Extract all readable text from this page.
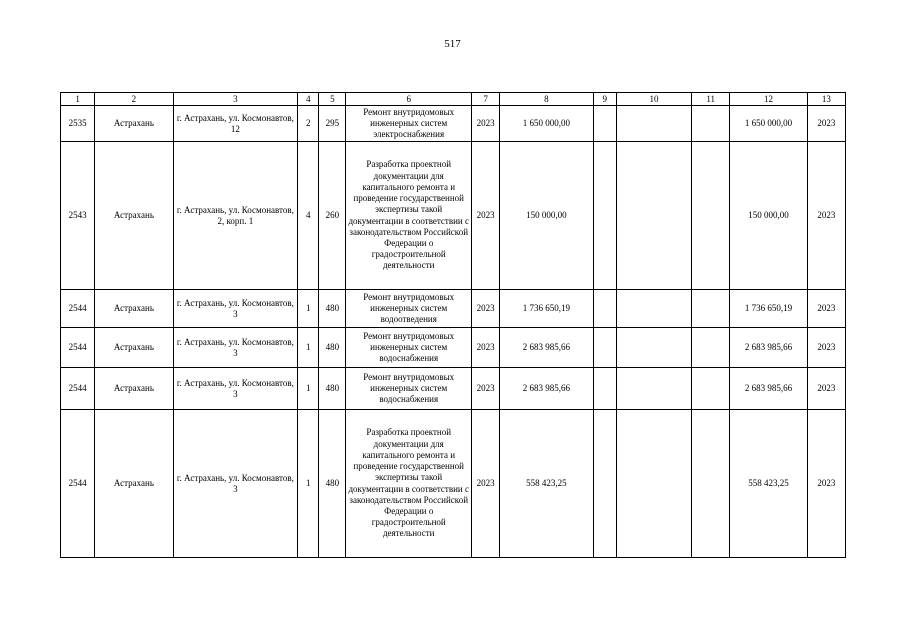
517
1	2	3	4	5	6	7	8	9	10	11	12	13
2535	Астрахань	г. Астрахань, ул. Космонавтов, 12	2	295	Ремонт внутридомовых инженерных систем электроснабжения	2023	1 650 000,00				1 650 000,00	2023
2543	Астрахань	г. Астрахань, ул. Космонавтов, 2, корп. 1	4	260	Разработка проектной документации для капитального ремонта и проведение государственной экспертизы такой документации в соответствии с законодательством Российской Федерации о градостроительной деятельности	2023	150 000,00				150 000,00	2023
2544	Астрахань	г. Астрахань, ул. Космонавтов, 3	1	480	Ремонт внутридомовых инженерных систем водоотведения	2023	1 736 650,19				1 736 650,19	2023
2544	Астрахань	г. Астрахань, ул. Космонавтов, 3	1	480	Ремонт внутридомовых инженерных систем водоснабжения	2023	2 683 985,66				2 683 985,66	2023
2544	Астрахань	г. Астрахань, ул. Космонавтов, 3	1	480	Ремонт внутридомовых инженерных систем водоснабжения	2023	2 683 985,66				2 683 985,66	2023
2544	Астрахань	г. Астрахань, ул. Космонавтов, 3	1	480	Разработка проектной документации для капитального ремонта и проведение государственной экспертизы такой документации в соответствии с законодательством Российской Федерации о градостроительной деятельности	2023	558 423,25				558 423,25	2023
